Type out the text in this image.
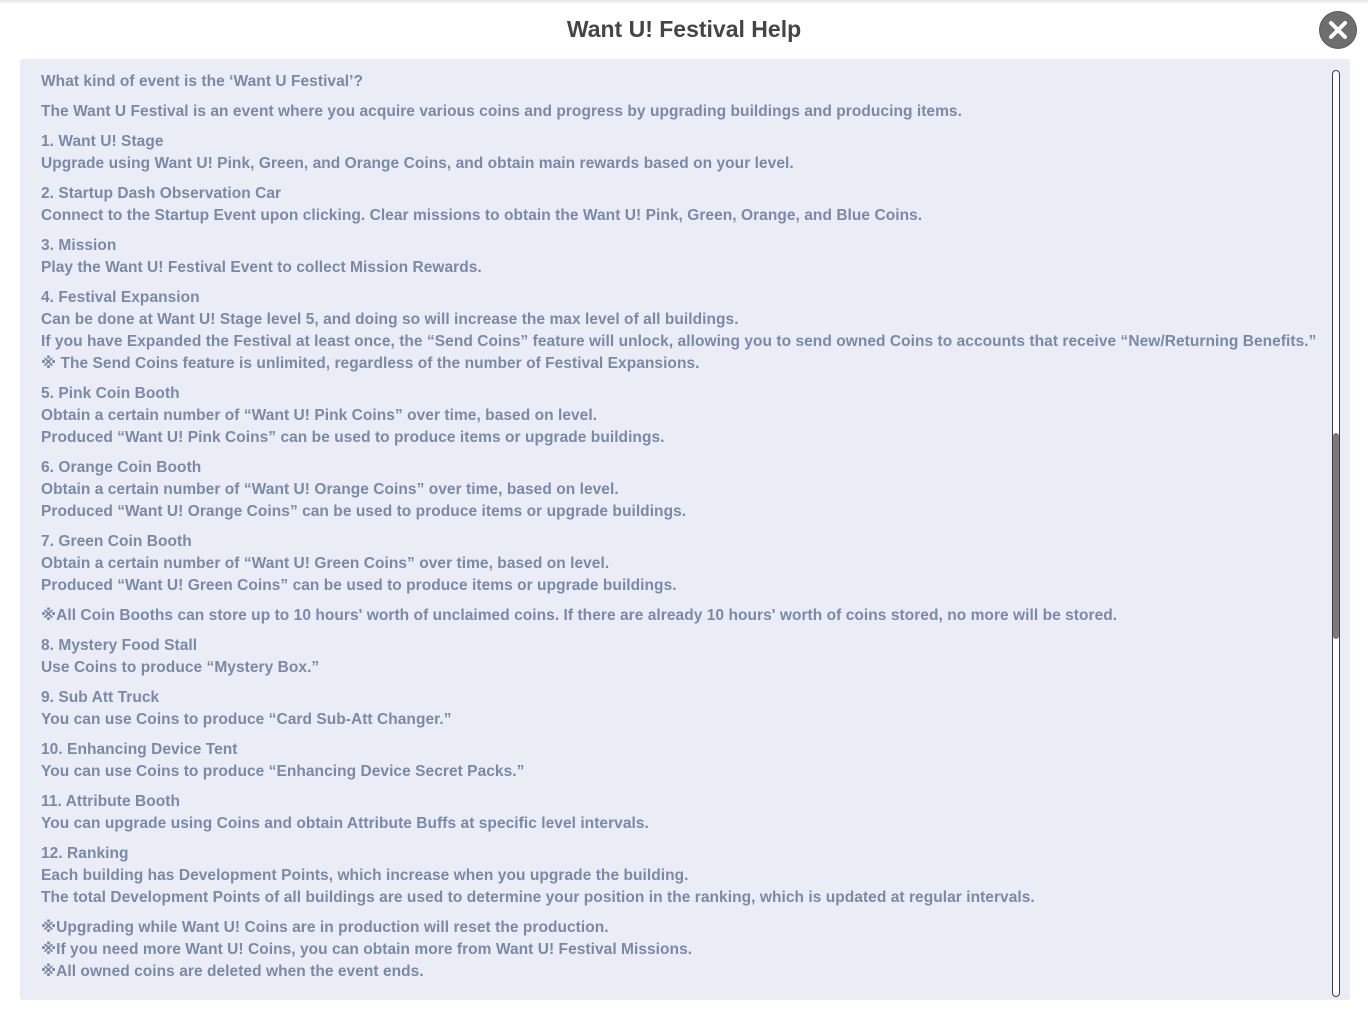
Want U! Festival Help
What kind of event is the ‘Want U Festival’?
The Want U Festival is an event where you acquire various coins and progress by upgrading buildings and producing items.
1. Want U! Stage
Upgrade using Want U! Pink, Green, and Orange Coins, and obtain main rewards based on your level.
2. Startup Dash Observation Car
Connect to the Startup Event upon clicking. Clear missions to obtain the Want U! Pink, Green, Orange, and Blue Coins.
3. Mission
Play the Want U! Festival Event to collect Mission Rewards.
4. Festival Expansion
Can be done at Want U! Stage level 5, and doing so will increase the max level of all buildings.
If you have Expanded the Festival at least once, the “Send Coins” feature will unlock, allowing you to send owned Coins to accounts that receive “New/Returning Benefits.”
※ The Send Coins feature is unlimited, regardless of the number of Festival Expansions.
5. Pink Coin Booth
Obtain a certain number of “Want U! Pink Coins” over time, based on level.
Produced “Want U! Pink Coins” can be used to produce items or upgrade buildings.
6. Orange Coin Booth
Obtain a certain number of “Want U! Orange Coins” over time, based on level.
Produced “Want U! Orange Coins” can be used to produce items or upgrade buildings.
7. Green Coin Booth
Obtain a certain number of “Want U! Green Coins” over time, based on level.
Produced “Want U! Green Coins” can be used to produce items or upgrade buildings.
※All Coin Booths can store up to 10 hours' worth of unclaimed coins. If there are already 10 hours' worth of coins stored, no more will be stored.
8. Mystery Food Stall
Use Coins to produce “Mystery Box.”
9. Sub Att Truck
You can use Coins to produce “Card Sub-Att Changer.”
10. Enhancing Device Tent
You can use Coins to produce “Enhancing Device Secret Packs.”
11. Attribute Booth
You can upgrade using Coins and obtain Attribute Buffs at specific level intervals.
12. Ranking
Each building has Development Points, which increase when you upgrade the building.
The total Development Points of all buildings are used to determine your position in the ranking, which is updated at regular intervals.
※Upgrading while Want U! Coins are in production will reset the production.
※If you need more Want U! Coins, you can obtain more from Want U! Festival Missions.
※All owned coins are deleted when the event ends.
